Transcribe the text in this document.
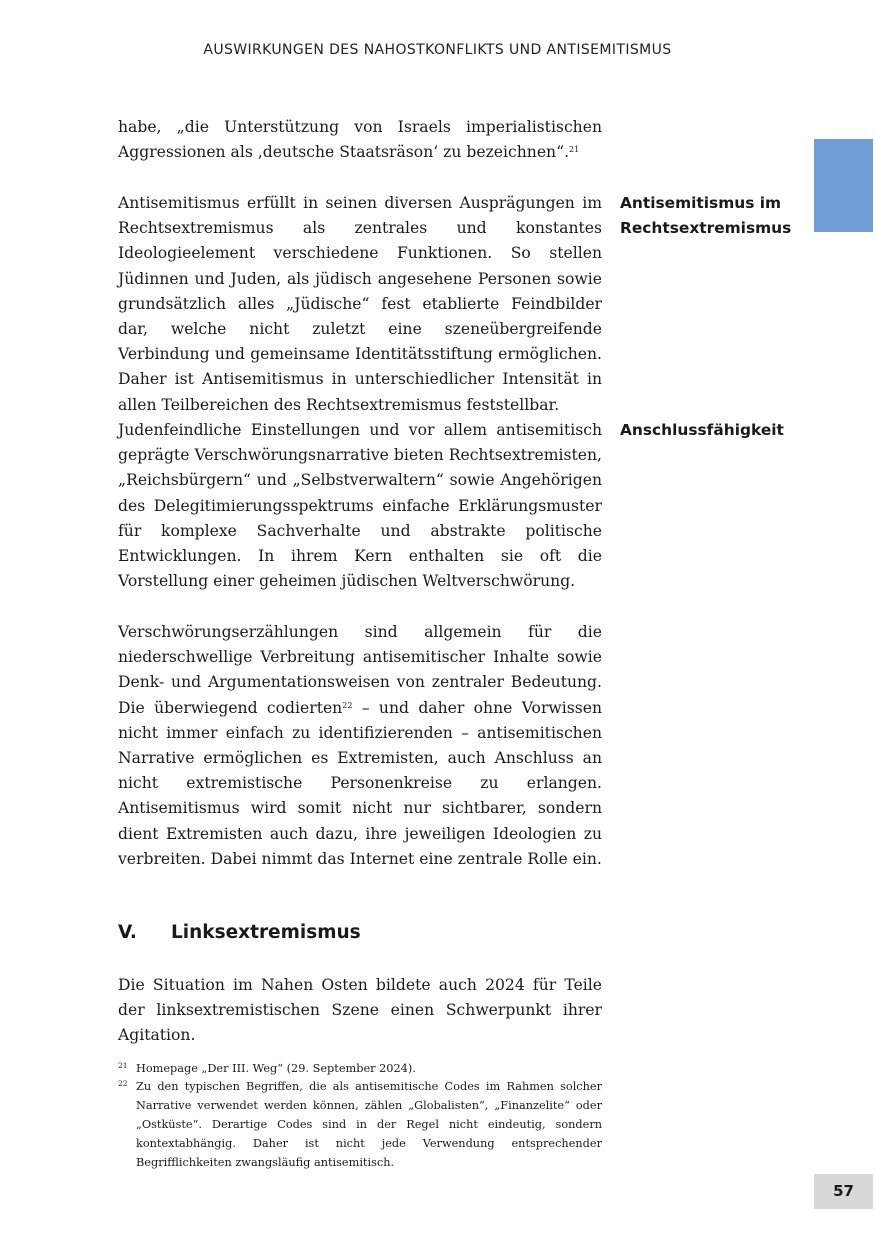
AUSWIRKUNGEN DES NAHOSTKONFLIKTS UND ANTISEMITISMUS

habe, „die Unterstützung von Israels imperialistischen Aggressionen als ‚deutsche Staatsräson‘ zu bezeichnen“.$^{21}$

Antisemitismus erfüllt in seinen diversen Ausprägungen im Rechtsextremismus als zentrales und konstantes Ideologieelement verschiedene Funktionen. So stellen Jüdinnen und Juden, als jüdisch angesehene Personen sowie grundsätzlich alles „Jüdische“ fest etablierte Feindbilder dar, welche nicht zuletzt eine szeneübergreifende Verbindung und gemeinsame Identitätsstiftung ermöglichen. Daher ist Antisemitismus in unterschiedlicher Intensität in allen Teilbereichen des Rechtsextremismus feststellbar.

Antisemitismus im Rechtsextremismus

Judenfeindliche Einstellungen und vor allem antisemitisch geprägte Verschwörungsnarrative bieten Rechtsextremisten, „Reichsbürgern“ und „Selbstverwaltern“ sowie Angehörigen des Delegitimierungsspektrums einfache Erklärungsmuster für komplexe Sachverhalte und abstrakte politische Entwicklungen. In ihrem Kern enthalten sie oft die Vorstellung einer geheimen jüdischen Weltverschwörung.

Anschlussfähigkeit

Verschwörungserzählungen sind allgemein für die niederschwellige Verbreitung antisemitischer Inhalte sowie Denk- und Argumentationsweisen von zentraler Bedeutung. Die überwiegend codierten$^{22}$ – und daher ohne Vorwissen nicht immer einfach zu identifizierenden – antisemitischen Narrative ermöglichen es Extremisten, auch Anschluss an nicht extremistische Personenkreise zu erlangen. Antisemitismus wird somit nicht nur sichtbarer, sondern dient Extremisten auch dazu, ihre jeweiligen Ideologien zu verbreiten. Dabei nimmt das Internet eine zentrale Rolle ein.

V. Linksextremismus

Die Situation im Nahen Osten bildete auch 2024 für Teile der linksextremistischen Szene einen Schwerpunkt ihrer Agitation.

21 Homepage „Der III. Weg“ (29. September 2024).
22 Zu den typischen Begriffen, die als antisemitische Codes im Rahmen solcher Narrative verwendet werden können, zählen „Globalisten“, „Finanzelite“ oder „Ostküste“. Derartige Codes sind in der Regel nicht eindeutig, sondern kontextabhängig. Daher ist nicht jede Verwendung entsprechender Begrifflichkeiten zwangsläufig antisemitisch.
57
